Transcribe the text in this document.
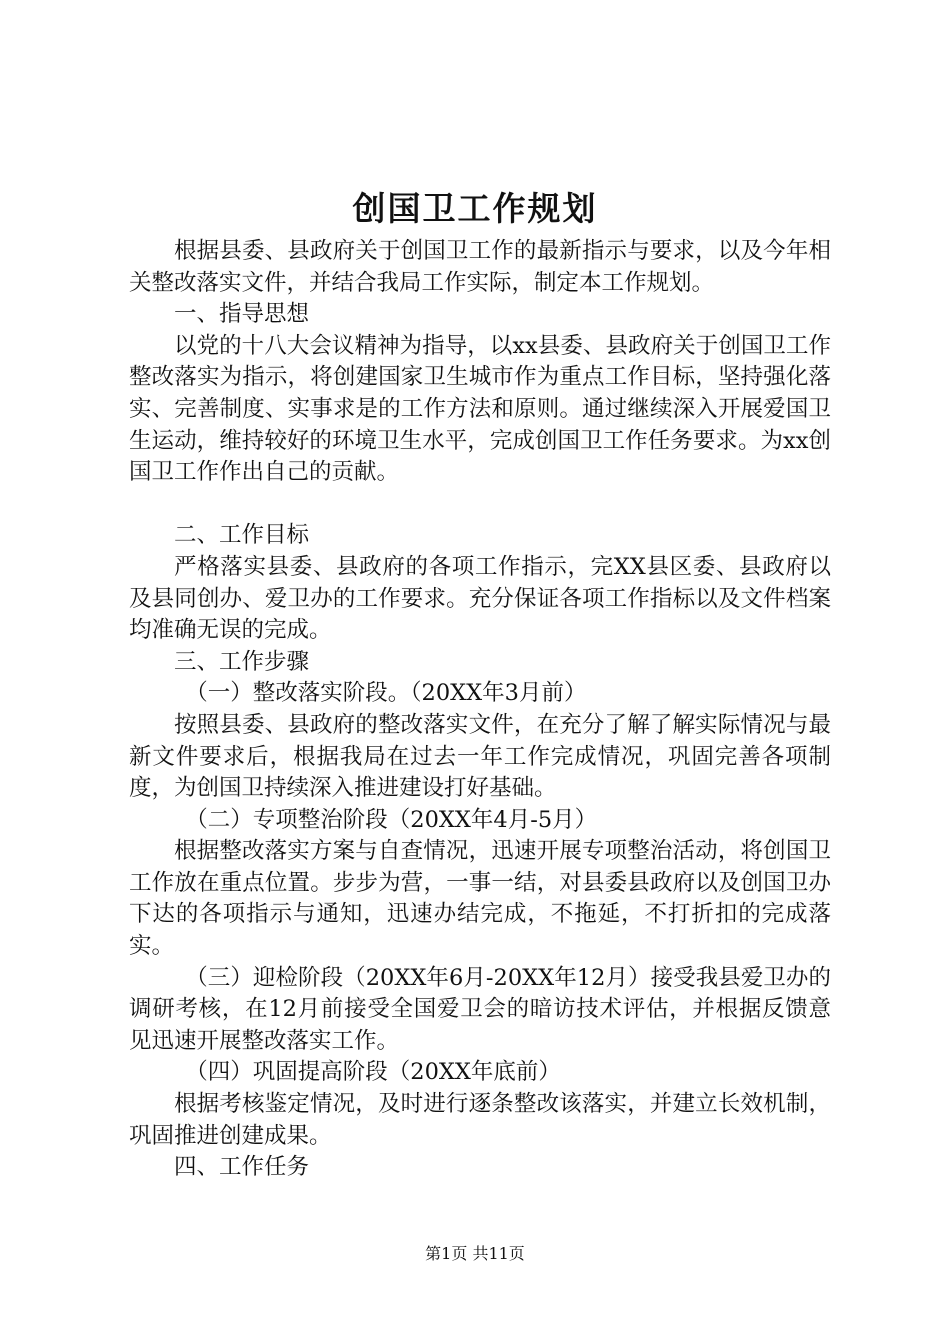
创国卫工作规划

根据县委、县政府关于创国卫工作的最新指示与要求，以及今年相关整改落实文件，并结合我局工作实际，制定本工作规划。

一、指导思想

以党的十八大会议精神为指导，以xx县委、县政府关于创国卫工作整改落实为指示，将创建国家卫生城市作为重点工作目标，坚持强化落实、完善制度、实事求是的工作方法和原则。通过继续深入开展爱国卫生运动，维持较好的环境卫生水平，完成创国卫工作任务要求。为xx创国卫工作作出自己的贡献。

二、工作目标

严格落实县委、县政府的各项工作指示，完XX县区委、县政府以及县同创办、爱卫办的工作要求。充分保证各项工作指标以及文件档案均准确无误的完成。

三、工作步骤

（一）整改落实阶段。（20XX年3月前）

按照县委、县政府的整改落实文件，在充分了解了解实际情况与最新文件要求后，根据我局在过去一年工作完成情况，巩固完善各项制度，为创国卫持续深入推进建设打好基础。

（二）专项整治阶段（20XX年4月-5月）

根据整改落实方案与自查情况，迅速开展专项整治活动，将创国卫工作放在重点位置。步步为营，一事一结，对县委县政府以及创国卫办下达的各项指示与通知，迅速办结完成，不拖延，不打折扣的完成落实。

（三）迎检阶段（20XX年6月-20XX年12月）接受我县爱卫办的调研考核，在12月前接受全国爱卫会的暗访技术评估，并根据反馈意见迅速开展整改落实工作。

（四）巩固提高阶段（20XX年底前）

根据考核鉴定情况，及时进行逐条整改该落实，并建立长效机制，巩固推进创建成果。

四、工作任务

第1页 共11页
